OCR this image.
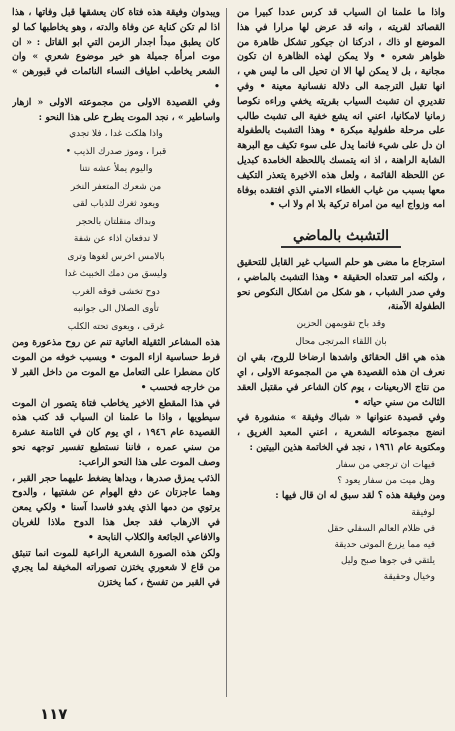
واذا ما علمنا ان السياب قد كرس عددا كبيرا من القصائد لقريته ، وانه قد عرض لها مرارا في هذا الموضع او ذاك ، ادركنا ان جيكور تشكل ظاهرة من ظواهر شعره • ولا يمكن لهذه الظاهرة ان تكون مجانية ، بل لا يمكن لها الا ان تحيل الى ما ليس هي ، انها تقبل الترجمة الى دلالة نفسانية معينة • وفي تقديري ان تشبث السياب بقريته يخفي وراءه نكوصا زمانيا لامكانيا، اعني انه يشع خفية الى تشبث طالب على مرحلة طفولية مبكرة • وهذا التشبث بالطفولة ان دل على شيء فانما يدل على سوء تكيف مع البرهة الشابة الراهنة ، اذ انه يتمسك باللحظة الخامدة كبديل عن اللحظة القائمة ، ولعل هذه الاخيرة يتعذر التكيف معها بسبب من غياب الغطاء الامني الذي افتقده بوفاة امه وزواج ابيه من امراة تركية بلا ام ولا اب •

التشبث بالماضي

استرجاع ما مضى هو حلم السياب غير القابل للتحقيق ، ولكنه امر تتعداه الحقيقة • وهذا التشبث بالماضي ، وفي صدر الشباب ، هو شكل من اشكال النكوص نحو الطفولة الآمنة،

وقد باح تقويمهن الحزين
بان اللقاء المرتجى محال

هذه هي اقل الحقائق واشدها ارضاخا للروح، بقي ان نعرف ان هذه القصيدة هي من المجموعة الاولى ، اي من نتاج الاربعينات ، يوم كان الشاعر في مقتبل العقد الثالث من سني حياته •

وفي قصيدة عنوانها « شباك وفيقة » منشورة في انضج مجموعاته الشعرية ، اعني المعبد الغريق ، ومكتوبة عام ١٩٦١ ، نجد في الخاتمة هذين البيتين :

فيهات ان ترجعي من سفار
وهل ميت من سفار يعود ؟

ومن وفيقة هذه ؟ لقد سبق له ان قال فيها :

لوفيقة
في ظلام العالم السفلي حقل
فيه مما يزرع الموتى حديقة
يلتقي في جوها صبح وليل
وخيال وحقيقة

ويبدوان وفيقة هذه فتاة كان يعشقها قبل وفاتها ، هذا اذا لم تكن كناية عن وفاة والدته ، وهو يخاطبها كما لو كان يطبق مبدأ اجدار الزمن التي ابو القاتل : « ان موت امرأة جميلة هو خير موضوع شعري » وان الشعر يخاطب اطياف النساء النائمات في قبورهن » •

وفي القصيدة الاولى من مجموعته الاولى « ازهار واساطير » ، نجد الموت يطرح على هذا النحو :

واذا هلكت غدا ، فلا تجدي
قبرا ، وموز صدرك الذيب •
واليوم يملأ عشه نتنا
من شعرك المتعفر النخر
ويعود ثغرك للذباب لقى
وبداك منقلتان بالحجر
لا تدفعان اذاء عن شفة
بالامس اخرس لغوها وترى
وليسق من دمك الخبيث غدا
دوح تخشى فوقه الغرب
تأوى الصلال الى جوانبه
غرقى ، ويعوى تحته الكلب

هذه المشاعر الثقيلة العاتية تنم عن روح مذعورة ومن فرط حساسية ازاء الموت • وبسبب خوفه من الموت كان مضطرا على التعامل مع الموت من داخل القبر لا من خارجه فحسب •

في هذا المقطع الاخير يخاطب فتاة يتصور ان الموت سيطويها ، واذا ما علمنا ان السياب قد كتب هذه القصيدة عام ١٩٤٦ ، اي يوم كان في الثامنة عشرة من سني عمره ، فاننا نستطيع تفسير توجهه نحو وصف الموت على هذا النحو الراعب:

الذئب يمزق صدرها ، وبداها يضغط عليهما حجر القبر ، وهما عاجزتان عن دفع الهوام عن شفتيها ، والدوح يرتوي من دمها الذي يغدو فاسدا آسنا • ولكي يمعن في الارهاب فقد جعل هذا الدوح ملاذا للغربان والافاعي الجائعة والكلاب النابحة •

ولكن هذه الصورة الشعرية الراعبة للموت انما تنبثق من قاع لا شعوري يختزن تصوراته المخيفة لما يجري في القبر من تفسخ ، كما يختزن

١١٧
